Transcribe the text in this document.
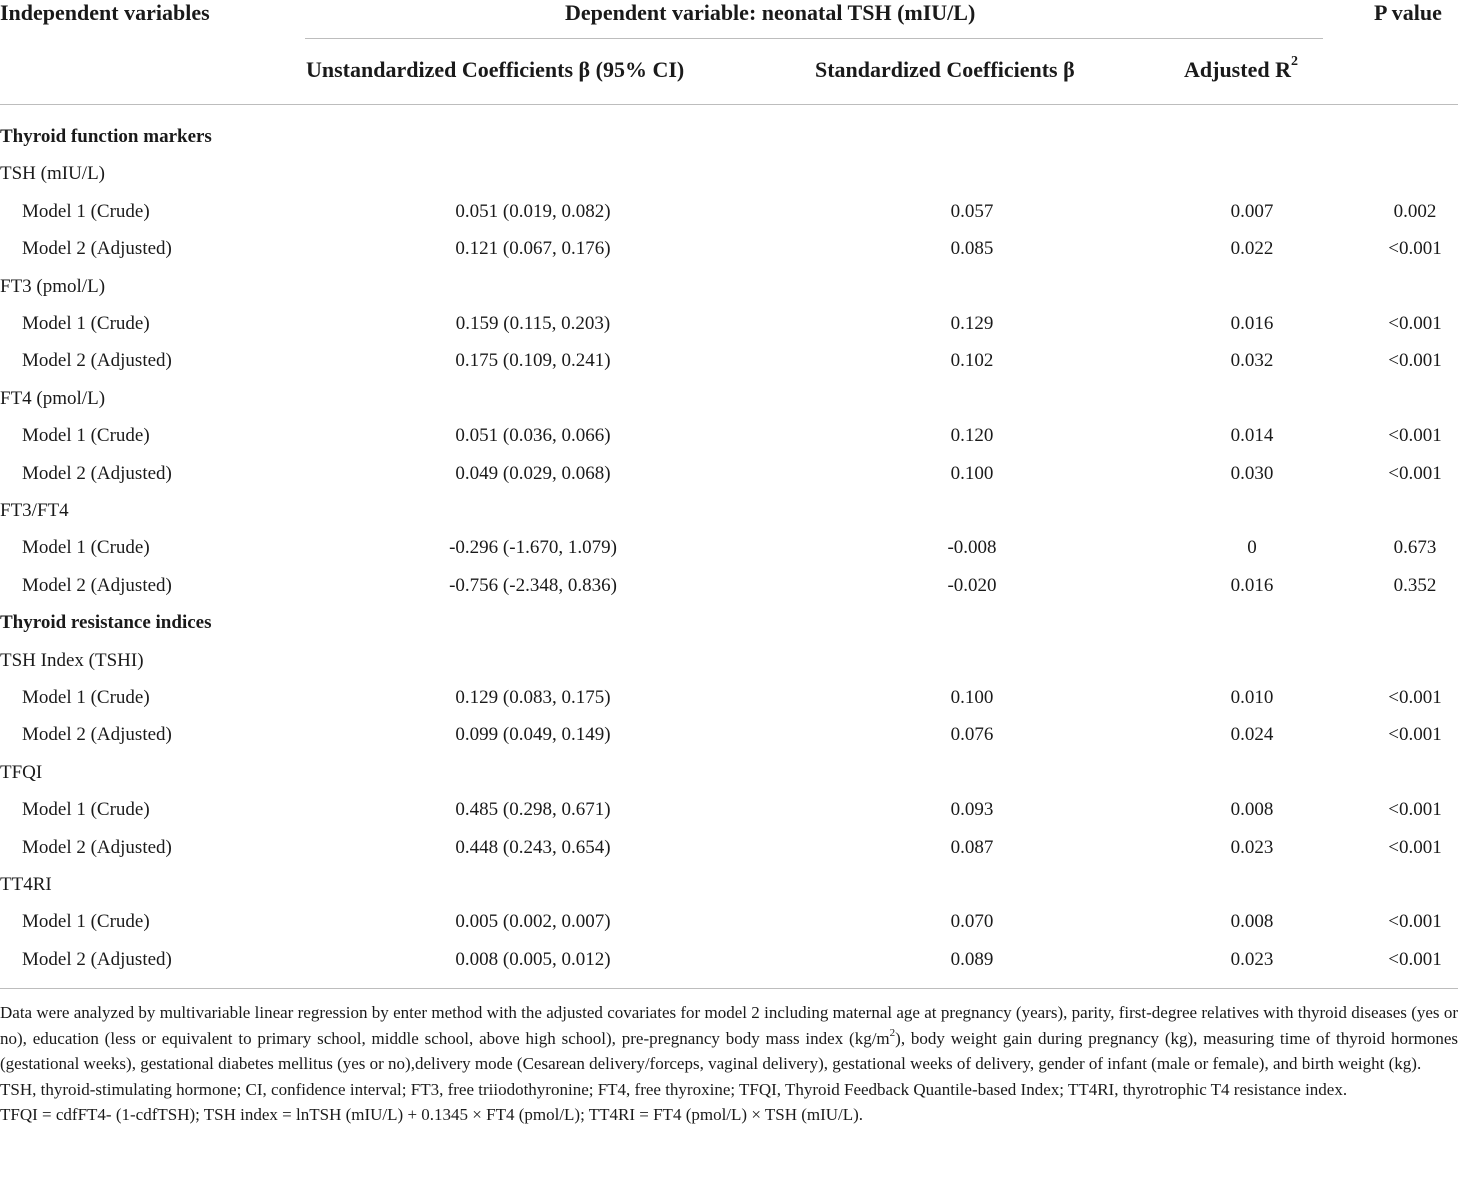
Independent variables	Dependent variable: neonatal TSH (mIU/L)	P value
Unstandardized Coefficients β (95% CI)	Standardized Coefficients β	Adjusted $R^2$
Thyroid function markers
TSH (mIU/L)
Model 1 (Crude)	0.051 (0.019, 0.082)	0.057	0.007	0.002
Model 2 (Adjusted)	0.121 (0.067, 0.176)	0.085	0.022	<0.001
FT3 (pmol/L)
Model 1 (Crude)	0.159 (0.115, 0.203)	0.129	0.016	<0.001
Model 2 (Adjusted)	0.175 (0.109, 0.241)	0.102	0.032	<0.001
FT4 (pmol/L)
Model 1 (Crude)	0.051 (0.036, 0.066)	0.120	0.014	<0.001
Model 2 (Adjusted)	0.049 (0.029, 0.068)	0.100	0.030	<0.001
FT3/FT4
Model 1 (Crude)	-0.296 (-1.670, 1.079)	-0.008	0	0.673
Model 2 (Adjusted)	-0.756 (-2.348, 0.836)	-0.020	0.016	0.352
Thyroid resistance indices
TSH Index (TSHI)
Model 1 (Crude)	0.129 (0.083, 0.175)	0.100	0.010	<0.001
Model 2 (Adjusted)	0.099 (0.049, 0.149)	0.076	0.024	<0.001
TFQI
Model 1 (Crude)	0.485 (0.298, 0.671)	0.093	0.008	<0.001
Model 2 (Adjusted)	0.448 (0.243, 0.654)	0.087	0.023	<0.001
TT4RI
Model 1 (Crude)	0.005 (0.002, 0.007)	0.070	0.008	<0.001
Model 2 (Adjusted)	0.008 (0.005, 0.012)	0.089	0.023	<0.001

Data were analyzed by multivariable linear regression by enter method with the adjusted covariates for model 2 including maternal age at pregnancy (years), parity, first-degree relatives with thyroid diseases (yes or no), education (less or equivalent to primary school, middle school, above high school), pre-pregnancy body mass index $(kg/m^2)$, body weight gain during pregnancy (kg), measuring time of thyroid hormones (gestational weeks), gestational diabetes mellitus (yes or no),delivery mode (Cesarean delivery/forceps, vaginal delivery), gestational weeks of delivery, gender of infant (male or female), and birth weight (kg).

TSH, thyroid-stimulating hormone; CI, confidence interval; FT3, free triiodothyronine; FT4, free thyroxine; TFQI, Thyroid Feedback Quantile-based Index; TT4RI, thyrotrophic T4 resistance index.

TFQI = cdfFT4- (1-cdfTSH); TSH index = lnTSH (mIU/L) + 0.1345 × FT4 (pmol/L); TT4RI = FT4 (pmol/L) × TSH (mIU/L).
